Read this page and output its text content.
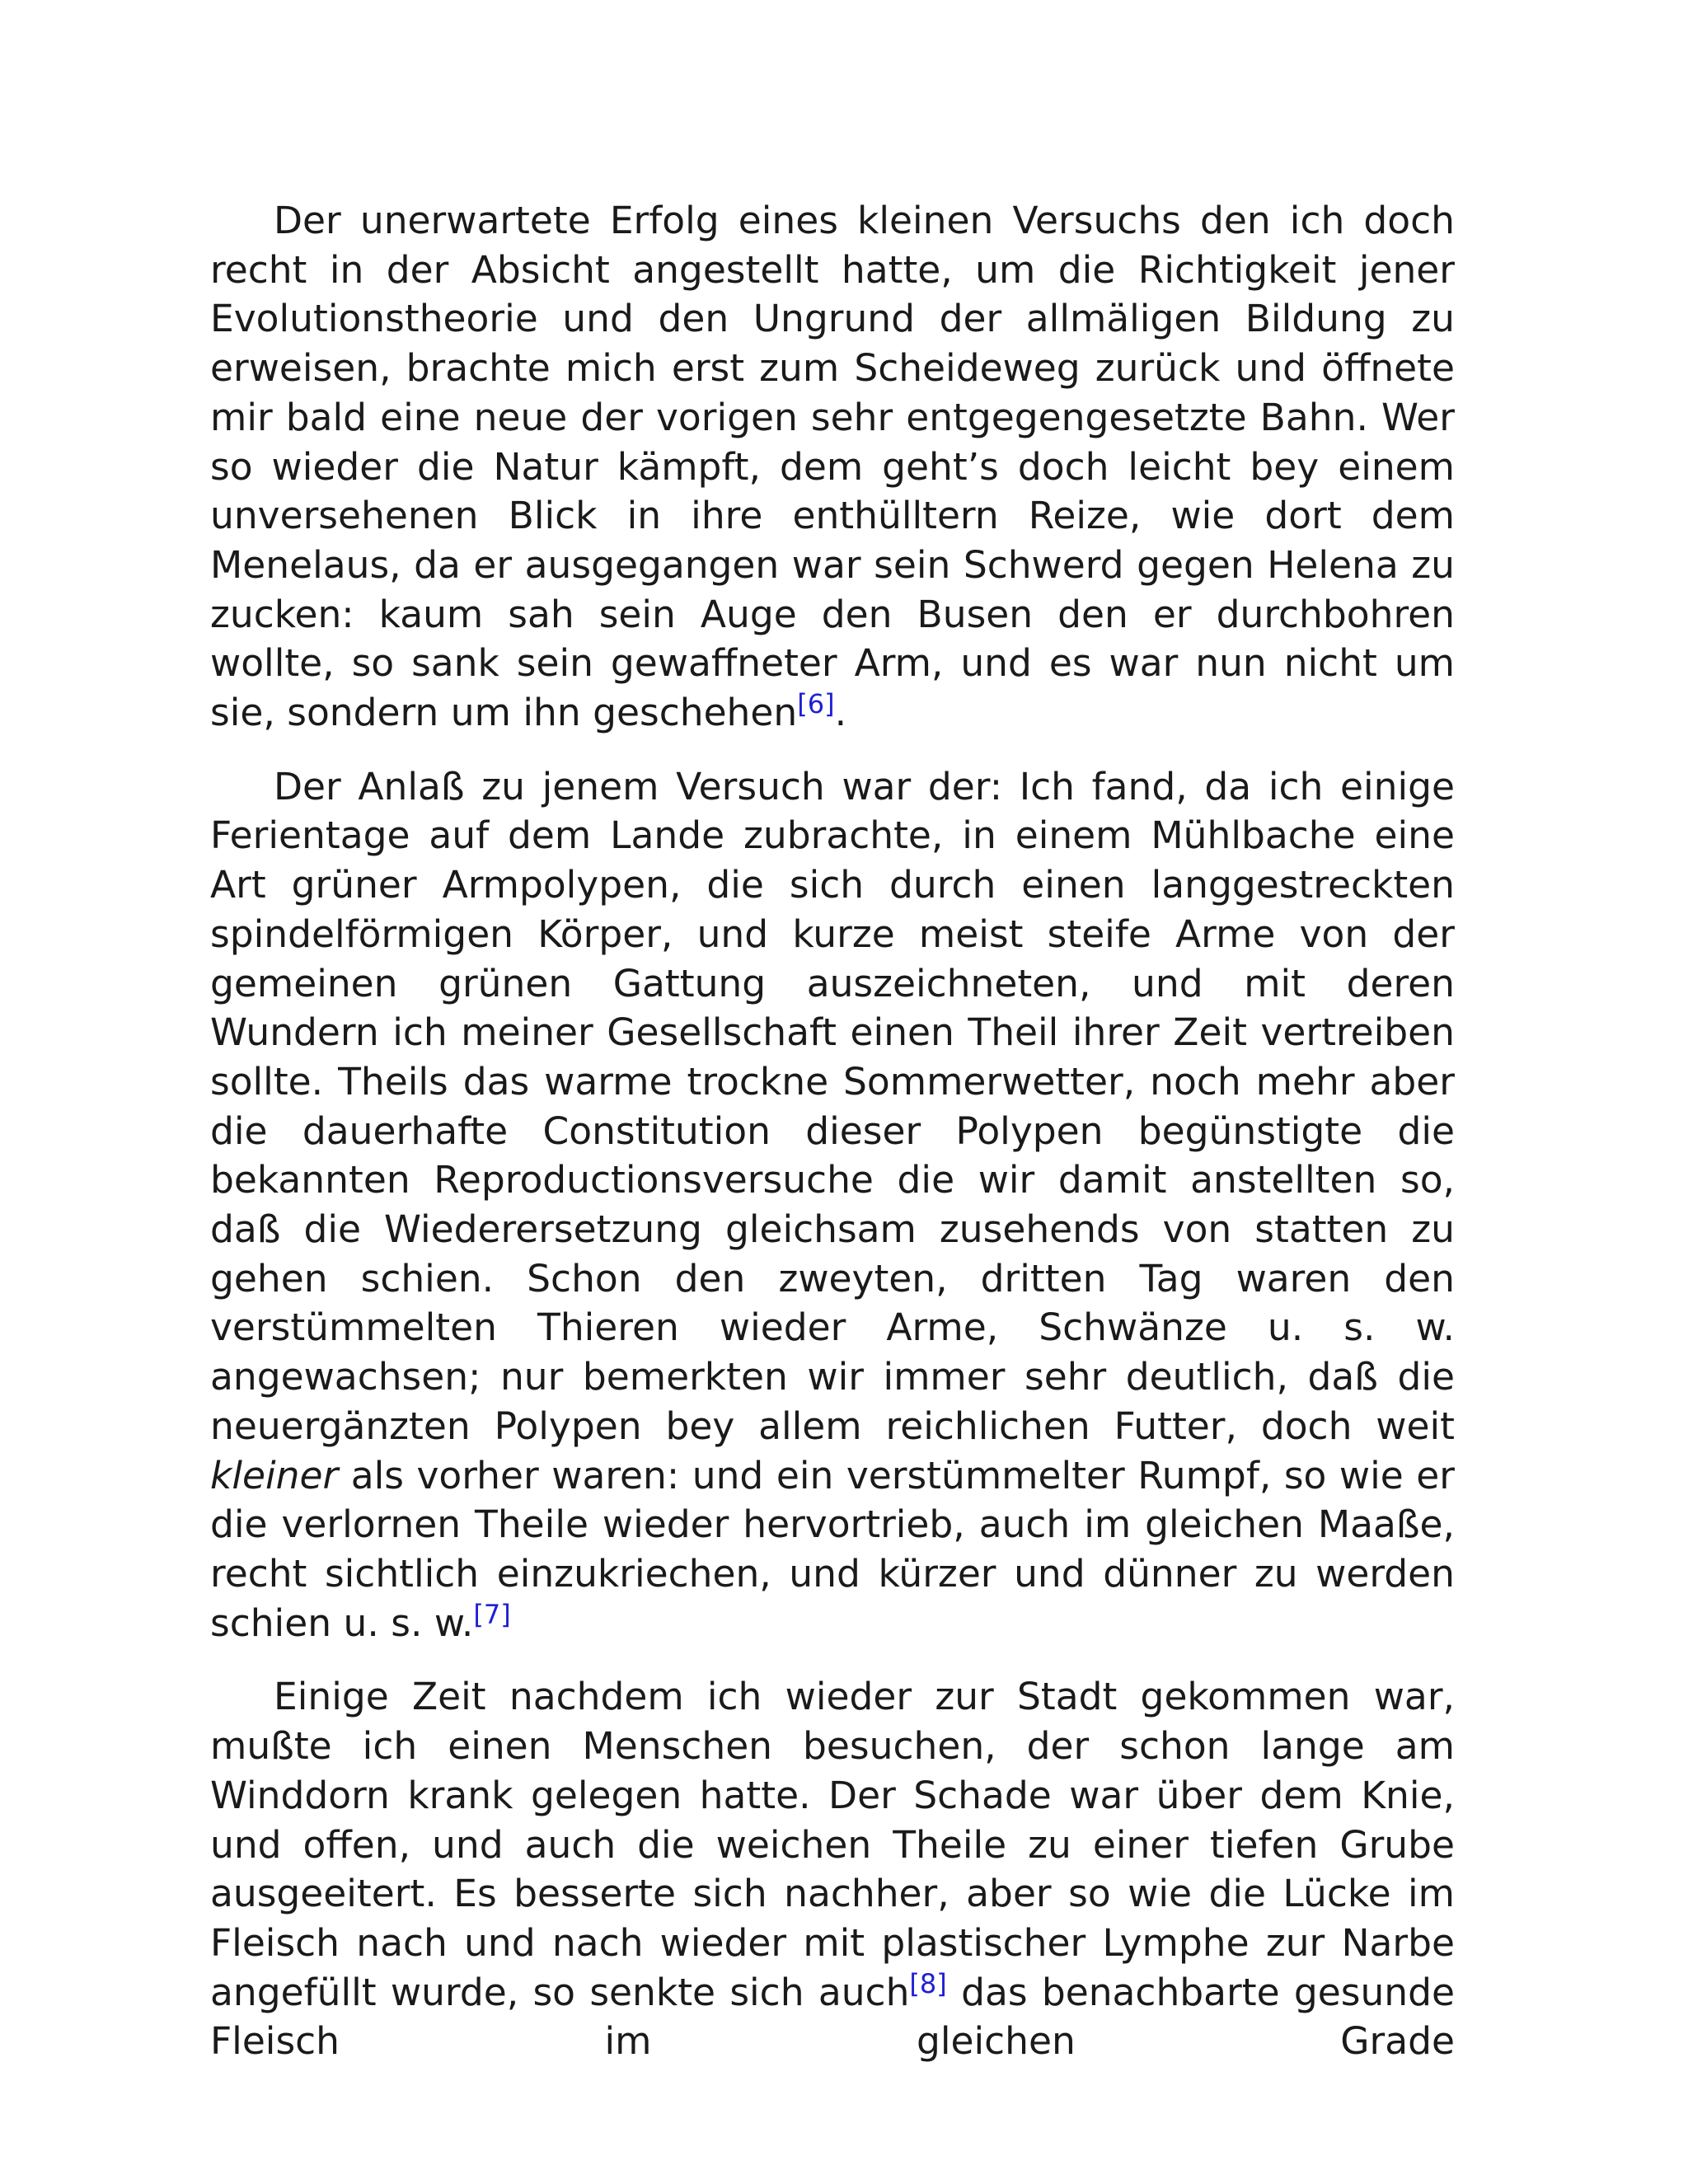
Der unerwartete Erfolg eines kleinen Versuchs den ich doch recht in der Absicht angestellt hatte, um die Richtigkeit jener Evolutionstheorie und den Ungrund der allmäligen Bildung zu erweisen, brachte mich erst zum Scheideweg zurück und öffnete mir bald eine neue der vorigen sehr entgegengesetzte Bahn. Wer so wieder die Natur kämpft, dem geht’s doch leicht bey einem unversehenen Blick in ihre enthülltern Reize, wie dort dem Menelaus, da er ausgegangen war sein Schwerd gegen Helena zu zucken: kaum sah sein Auge den Busen den er durchbohren wollte, so sank sein gewaffneter Arm, und es war nun nicht um sie, sondern um ihn geschehen[6].

Der Anlaß zu jenem Versuch war der: Ich fand, da ich einige Ferientage auf dem Lande zubrachte, in einem Mühlbache eine Art grüner Armpolypen, die sich durch einen langgestreckten spindelförmigen Körper, und kurze meist steife Arme von der gemeinen grünen Gattung auszeichneten, und mit deren Wundern ich meiner Gesellschaft einen Theil ihrer Zeit vertreiben sollte. Theils das warme trockne Sommerwetter, noch mehr aber die dauerhafte Constitution dieser Polypen begünstigte die bekannten Reproductionsversuche die wir damit anstellten so, daß die Wiederersetzung gleichsam zusehends von statten zu gehen schien. Schon den zweyten, dritten Tag waren den verstümmelten Thieren wieder Arme, Schwänze u. s. w. angewachsen; nur bemerkten wir immer sehr deutlich, daß die neuergänzten Polypen bey allem reichlichen Futter, doch weit kleiner als vorher waren: und ein verstümmelter Rumpf, so wie er die verlornen Theile wieder hervortrieb, auch im gleichen Maaße, recht sichtlich einzukriechen, und kürzer und dünner zu werden schien u. s. w.[7]

Einige Zeit nachdem ich wieder zur Stadt gekommen war, mußte ich einen Menschen besuchen, der schon lange am Winddorn krank gelegen hatte. Der Schade war über dem Knie, und offen, und auch die weichen Theile zu einer tiefen Grube ausgeeitert. Es besserte sich nachher, aber so wie die Lücke im Fleisch nach und nach wieder mit plastischer Lymphe zur Narbe angefüllt wurde, so senkte sich auch[8] das benachbarte gesunde Fleisch im gleichen Grade
